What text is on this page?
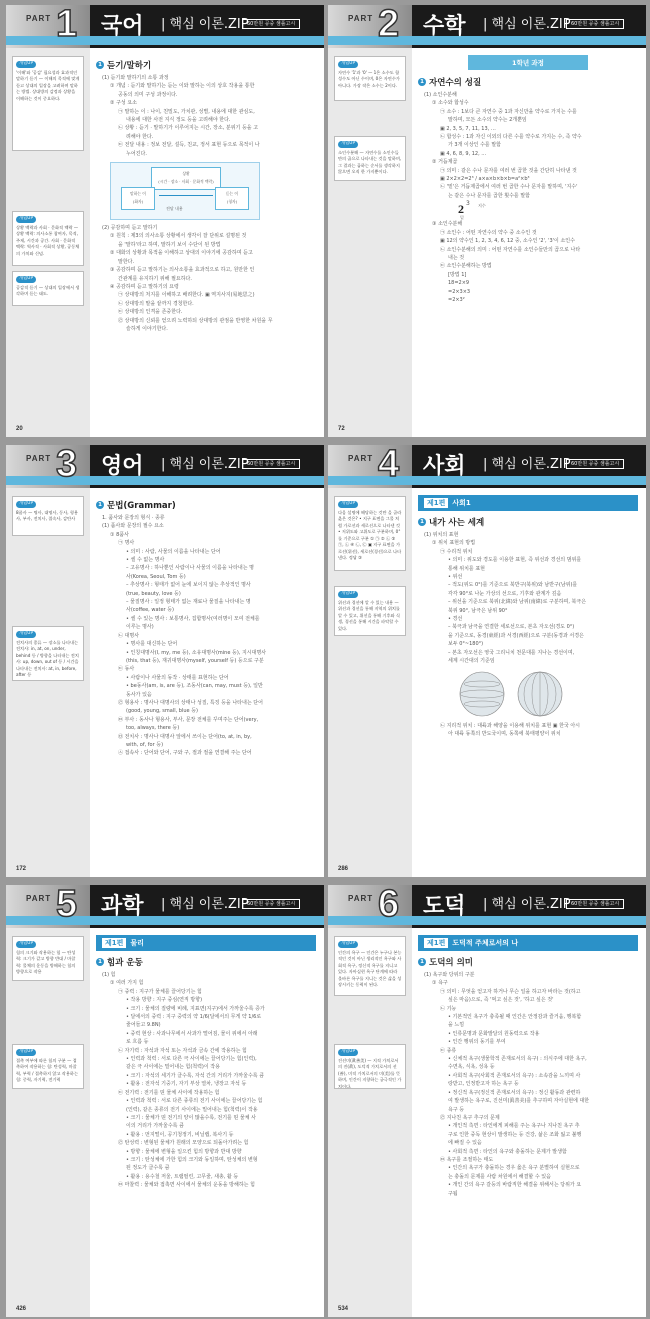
PART 1 국어 | 핵심 이론.ZIP
60만원 공중 샘플고시
개념UP
'이해'와 '공감' 필요성과 효과적인 말하기 듣기 — 이해의 목적에 맞게 듣고 상대의 입장을 고려하며 말하는 방법. 상대방의 감정과 상황을 이해하는 것이 중요하다.
개념UP
상황 맥락과 사회 · 문화적 맥락 — 상황 맥락: 의사소통 참여자, 목적, 주제, 시간과 공간. 사회 · 문화적 맥락: 역사적 · 사회적 상황, 공동체의 가치와 신념.
개념UP
공감적 듣기 — 상대의 입장에서 생각하며 듣는 태도.
1 듣기/말하기

(1) 듣기와 말하기의 소통 과정

① 개념 : 듣기와 말하기는 듣는 이와 말하는 이의 상호 작용을 통한

공동의 의미 구성 과정이다.

② 구성 요소

㉠ 말하는 이 : 나이, 친밀도, 가치관, 성별, 내용에 대한 관심도,

내용에 대한 사전 지식 정도 등을 고려해야 한다.

㉡ 상황 : 듣기 · 말하기가 이루어지는 시간, 장소, 분위기 등을 고

려해야 한다.

㉢ 전달 내용 : 정보 전달, 설득, 친교, 정서 표현 등으로 목적이 나

누어진다.

상황
(시간 · 장소 · 사회 · 문화적 맥락)
말하는 이
(화자)
듣는 이
(청자)
전달 내용

(2) 공감하며 듣고 말하기

① 원칙 : 제3의 의사소통 상황에서 생각이 잘 단위로 설명된 것

을 '말하'라고 하며, 말하기 보이 수단이 된 방법

② 대화의 상황과 목적을 이해하고 상대의 이야기에 공감하며 듣고

말한다.

③ 공감하며 듣고 말하기는 의사소통을 효과적으로 하고, 원만한 인

간관계를 유지하기 위해 필요하다.

④ 공감하며 듣고 말하기의 요령

㉠ 상대방의 처지를 이해하고 배려한다. ▣ 역지사지(易地思之)

㉡ 상대방의 말을 끝까지 경청한다.

㉢ 상대방의 인격을 존중한다.

㉣ 상대방의 신뢰를 얻으려 노력하되 상대방의 관점을 반영한 차원을 무

슬하게 이야기한다.

20
PART 2 수학 | 핵심 이론.ZIP 60만원 공중 샘플고시
개념UP
자연수 '1'과 '0' — 1은 소수도 합성수도 아닌 수이며, 0은 자연수가 아니다. 가장 작은 소수는 2이다.
개념UP
소인수분해 — 자연수를 소인수들만의 곱으로 나타내는 것을 말하며, 그 결과는 곱하는 순서를 생각하지 않으면 오직 한 가지뿐이다.
1학년 과정
1 자연수의 성질

(1) 소인수분해

① 소수와 합성수

㉠ 소수 : 1보다 큰 자연수 중 1과 자신만을 약수로 가지는 수를

말하며, 모든 소수의 약수는 2개뿐임

▣ 2, 3, 5, 7, 11, 13, …

㉡ 합성수 : 1과 자신 이외의 다른 수를 약수로 가지는 수, 즉 약수

가 3개 이상인 수를 말함

▣ 4, 6, 8, 9, 12, …

② 거듭제곱

㉠ 의미 : 같은 수나 문자를 여러 번 곱한 것을 간단히 나타낸 것

▣ 2×2×2=2³ / a×a×b×b×b=a²×b³

㉡ '밑'은 거듭제곱에서 여러 번 곱한 수나 문자를 말하며, '지수'

는 같은 수나 문자를 곱한 횟수를 말함

2 3 지수
밑

③ 소인수분해

㉠ 소인수 : 어떤 자연수의 약수 중 소수인 것

▣ 12의 약수인 1, 2, 3, 4, 6, 12 중, 소수인 '2', '3'이 소인수

㉡ 소인수분해의 의미 : 어떤 자연수를 소인수들만의 곱으로 나타

내는 것

㉢ 소인수분해하는 방법

[방법 1]

18=2×9

=2×3×3

=2×3²

72
PART 3 영어 | 핵심 이론.ZIP
60만원 공중 샘플고시
개념UP
8품사 — 명사, 대명사, 동사, 형용사, 부사, 전치사, 접속사, 감탄사
개념UP
전치사의 종류 — 장소를 나타내는 전치사: in, at, on, under, behind 등 / 방향을 나타내는 전치사: up, down, out of 등 / 시간을 나타내는 전치사: at, in, before, after 등
1 문법(Grammar)

1. 품사와 문장의 형식 · 종류

(1) 품사와 문장의 필수 요소

① 8품사

㉠ 명사

• 의미 : 사람, 사물의 이름을 나타내는 단어

• 셀 수 없는 명사

– 고유명사 : 하나뿐인 사람이나 사물의 이름을 나타내는 명

사(Korea, Seoul, Tom 등)

– 추상명사 : 형태가 없어 눈에 보이지 않는 추상적인 명사

(true, beauty, love 등)

– 물질명사 : 일정 형태가 없는 재료나 물질을 나타내는 명

사(coffee, water 등)

• 셀 수 있는 명사 : 보통명사, 집합명사(여러명이 모여 전체를

이루는 명사)

㉡ 대명사

• 명사를 대신하는 단어

• 인칭대명사(I, my, me 등), 소유대명사(mine 등), 지시대명사

(this, that 등), 재귀대명사(myself, yourself 등) 등으로 구분

㉢ 동사

• 사람이나 사물의 동작 · 상태를 표현하는 단어

• be동사(am, is, are 등), 조동사(can, may, must 등), 일반

동사가 있음

㉣ 형용사 : 명사나 대명사의 상태나 성질, 특징 등을 나타내는 단어

(good, young, small, blue 등)

㉤ 부사 : 동사나 형용사, 부사, 문장 전체를 꾸며주는 단어(very,

too, always, there 등)

㉥ 전치사 : 명사나 대명사 앞에서 쓰이는 단어(to, at, in, by,

with, of, for 등)

㉦ 접속사 : 단어와 단어, 구와 구, 절과 절을 연결해 주는 단어

172
PART 4 사회 | 핵심 이론.ZIP 60만원 공중 샘플고시
개념UP
다음 설명에 해당하는 것만 을 골라 옳은 것은? • 지구 표면을 그물 처럼 가로선과 세로선으로 나타낸 것 • 저위도와 고위도로 구분하며, 0°를 기준으로 구분 ① ㉠ ② ㉡ ③ ㉠, ㉡ ④ ㉡, ㉢ ▣ 지구 표면을 가로선(위선), 세로선(경선)으로 나타낸다. 정답 ③
개념UP
위선과 경선에 알 수 있는 내용 — 위선과 경선을 통해 지역의 위치를 알 수 있고, 위선을 통해 기후와 식생, 경선을 통해 시간을 파악할 수 있다.
제1편 사회1
1 내가 사는 세계

(1) 위치의 표현

① 위치 표현의 방법

㉠ 수리적 위치

• 의미 : 위도와 경도를 이용한 표현, 즉 위선과 경선의 범위를

통해 위치를 표현

• 위선

– 적도(위도 0°)를 기준으로 북반구(북위)와 남반구(남위)를

각각 90°로 나눈 가상의 선으로, 기후와 관계가 깊음

– 위선을 기준으로 북위(北緯)와 남위(南緯)로 구분하며, 북극은

북위 90°, 남극은 남위 90°

• 경선

– 북극과 남극을 연결한 세로선으로, 본초 자오선(경도 0°)

을 기준으로, 동경(東經)과 서경(西經)으로 구분(동경과 서경은

보두 0°~180°)

– 본초 자오선은 영국 그리니치 천문대를 지나는 경선이며,

세계 시간대의 기준임

㉡ 지리적 위치 : 대륙과 해양을 이용해 위치를 표현 ▣ 한국 아시

아 대륙 동쪽의 반도국이며, 동쪽에 북태평양이 위치

286
PART 5 과학 | 핵심 이론.ZIP
60만원 공중 샘플고시
개념UP
힘의 크기와 작용하는 힘 — 탄성력: 크기가 같고 방향 반대 / 마찰력: 물체의 운동을 방해하는 힘의 방향으로 작용
개념UP
접촉 여부에 따른 힘의 구분 — 접촉하여 작용하는 힘: 탄성력, 마찰력, 부력 / 접촉하지 않고 작용하는 힘: 중력, 자기력, 전기력
제1편 물리
1 힘과 운동

(1) 힘

① 여러 가지 힘

㉠ 중력 : 지구가 물체를 끌어당기는 힘

• 작용 방향 : 지구 중심(연직 방향)

• 크기 : 물체의 질량에 비례, 지표면(지구)에서 가까울수록 증가

• 달에서의 중력 : 지구 중력의 약 1/6(달에서의 무게 약 1/6로

줄어들고 9.8N)

• 중력 현상 : 사과나무에서 사과가 떨어짐, 물이 위에서 아래

로 흐름 등

㉡ 자기력 : 자석과 자석 또는 자석과 금속 간에 작용하는 힘

• 인력과 척력 : 서로 다른 극 사이에는 끌어당기는 힘(인력),

같은 극 사이에는 밀어내는 힘(척력)이 작용

• 크기 : 자석의 세기가 클수록, 자석 간의 거리가 가까울수록 큼

• 활용 : 전자석 기중기, 자기 부상 열차, 냉장고 자석 등

㉢ 전기력 : 전기를 띤 물체 사이에 작용하는 힘

• 인력과 척력 : 서로 다른 종류의 전기 사이에는 끌어당기는 힘

(인력), 같은 종류의 전기 사이에는 밀어내는 힘(척력)이 작용

• 크기 : 물체가 띤 전기의 양이 많을수록, 전기를 띤 물체 사

이의 거리가 가까울수록 큼

• 활용 : 먼지떨이, 공기청정기, 비닐랩, 복사기 등

㉣ 탄성력 : 변형된 물체가 원래의 모양으로 되돌아가려는 힘

• 방향 : 물체에 변형을 일으킨 힘의 방향과 반대 방향

• 크기 : 탄성체에 가한 힘의 크기와 동일하며, 탄성체의 변형

된 정도가 클수록 큼

• 활용 : 용수철 저울, 트램펄린, 고무줄, 새총, 활 등

㉤ 마찰력 : 물체와 접촉면 사이에서 물체의 운동을 방해하는 힘

426
PART 6 도덕 | 핵심 이론.ZIP 60만원 공중 샘플고시
개념UP
인간의 욕구 — 인간은 누구나 본능적인 것이 아닌 생리적인 욕구와 사회적 욕구, 정신적 욕구를 지니고 있다. 자아실현 욕구 단계에 따라 올바른 욕구를 지니는 것은 삶을 성장시키는 동력이 된다.
개념UP
진선미(眞善美) — 지적 가치로서의 진(眞), 도덕적 가치로서의 선(善), 미적 가치로서의 미(美)를 뜻하며, 인간이 지향하는 궁극적인 가치이다.
제1편 도덕적 주체로서의 나
1 도덕의 의미

(1) 욕구와 당위의 구분

① 욕구

㉠ 의미 : 무엇을 얻고자 하거나 무슨 일을 하고자 바라는 것(하고

싶은 마음)으로, 즉 '먹고 싶은 것', '하고 싶은 것'

㉡ 기능

• 기본적인 욕구가 충족될 때 인간은 안정감과 즐거움, 행복함

을 느낌

• 인류문명과 문화발달의 원동력으로 작용

• 인간 행위의 동기를 부여

㉢ 종류

• 신체적 욕구(생물학적 존재로서의 욕구) : 의식주에 대한 욕구,

수면욕, 식욕, 성욕 등

• 사회적 욕구(사회적 존재로서의 욕구) : 소속감을 느끼며 사

랑받고, 인정받고자 하는 욕구 등

• 정신적 욕구(정신적 존재로서의 욕구) : 정신 활동과 관련하

여 발생하는 욕구로, 진선미(眞善美)를 추구하며 자아실현에 대한

욕구 등

㉣ 지나친 욕구 추구의 문제

• 개인적 측면 : 타인에게 피해를 주는 욕구나 지나친 욕구 추

구로 인한 중독 현상이 발생하는 등 건강, 삶은 조화 잃고 불행

에 빠질 수 있음

• 사회적 측면 : 타인의 욕구와 충돌하는 문제가 발생함

㉤ 욕구를 조절하는 태도

• 인간의 욕구가 충돌하는 경우 옳은 욕구 분별하여 실현으로

는 충돌의 문제를 사람 차원에서 해결할 수 있음

• 개인 간의 욕구 갈등의 바람직한 해결을 위해서는 당위가 요

구됨

534
